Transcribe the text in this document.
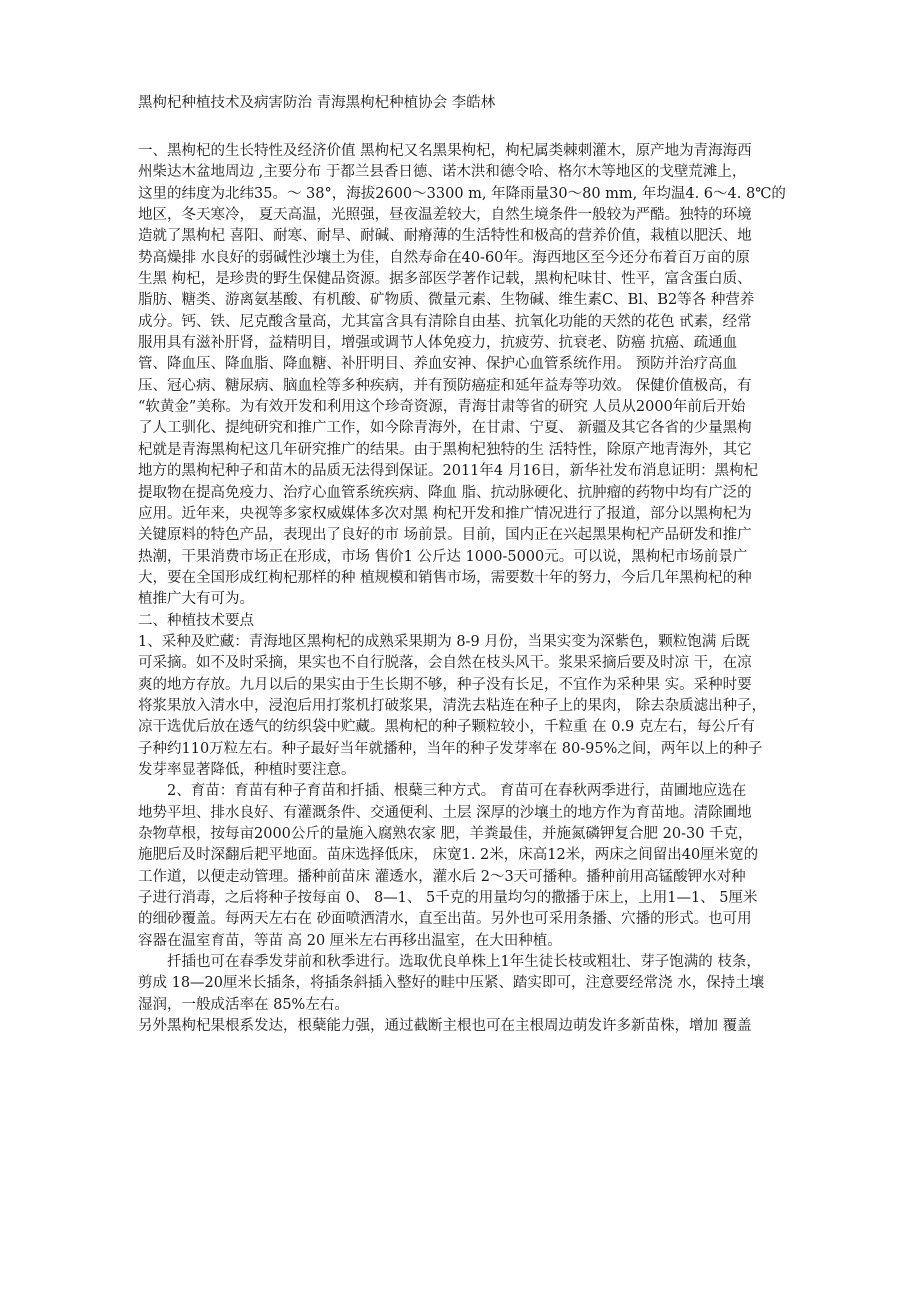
黑枸杞种植技术及病害防治 青海黑枸杞种植协会 李皓林
一、黑枸杞的生长特性及经济价值 黑枸杞又名黑果枸杞，枸杞属类棘刺灌木，原产地为青海海西
州柴达木盆地周边 ,主要分布 于都兰县香日德、诺木洪和德令哈、格尔木等地区的戈壁荒滩上，
这里的纬度为北纬35。～ 38°，海拔2600～3300 m, 年降雨量30～80 mm, 年均温4. 6～4. 8℃的
地区，冬天寒冷， 夏天高温，光照强，昼夜温差较大，自然生境条件一般较为严酷。独特的环境
造就了黑枸杞 喜阳、耐寒、耐旱、耐碱、耐瘠薄的生活特性和极高的营养价值，栽植以肥沃、地
势高燥排 水良好的弱碱性沙壤土为佳，自然寿命在40-60年。海西地区至今还分布着百万亩的原
生黑 枸杞，是珍贵的野生保健品资源。据多部医学著作记载，黑枸杞味甘、性平，富含蛋白质、
脂肪、糖类、游离氨基酸、有机酸、矿物质、微量元素、生物碱、维生素C、Bl、B2等各 种营养
成分。钙、铁、尼克酸含量高，尤其富含具有清除自由基、抗氧化功能的天然的花色 甙素，经常
服用具有滋补肝肾，益精明目，增强或调节人体免疫力，抗疲劳、抗衰老、防癌 抗癌、疏通血
管、降血压、降血脂、降血糖、补肝明目、养血安神、保护心血管系统作用。 预防并治疗高血
压、冠心病、糖尿病、脑血栓等多种疾病，并有预防癌症和延年益寿等功效。 保健价值极高，有
“软黄金”美称。为有效开发和利用这个珍奇资源，青海甘肃等省的研究 人员从2000年前后开始
了人工驯化、提纯研究和推广工作，如今除青海外，在甘肃、宁夏、 新疆及其它各省的少量黑枸
杞就是青海黑枸杞这几年研究推广的结果。由于黑枸杞独特的生 活特性，除原产地青海外，其它
地方的黑枸杞种子和苗木的品质无法得到保证。2011年4 月16日，新华社发布消息证明：黑枸杞
提取物在提高免疫力、治疗心血管系统疾病、降血 脂、抗动脉硬化、抗肿瘤的药物中均有广泛的
应用。近年来，央视等多家权威媒体多次对黑 枸杞开发和推广情况进行了报道，部分以黑枸杞为
关键原料的特色产品，表现出了良好的市 场前景。目前，国内正在兴起黑果枸杞产品研发和推广
热潮，干果消费市场正在形成，市场 售价1 公斤达 1000-5000元。可以说，黑枸杞市场前景广
大，要在全国形成红枸杞那样的种 植规模和销售市场，需要数十年的努力，今后几年黑枸杞的种
植推广大有可为。
二、种植技术要点
1、采种及贮藏：青海地区黑枸杞的成熟采果期为 8-9 月份，当果实变为深紫色，颗粒饱满 后既
可采摘。如不及时采摘，果实也不自行脱落，会自然在枝头风干。浆果采摘后要及时凉 干，在凉
爽的地方存放。九月以后的果实由于生长期不够，种子没有长足，不宜作为采种果 实。采种时要
将浆果放入清水中，浸泡后用打浆机打破浆果，清洗去粘连在种子上的果肉， 除去杂质滤出种子，
凉干选优后放在透气的纺织袋中贮藏。黑枸杞的种子颗粒较小，千粒重 在 0.9 克左右，每公斤有
子种约110万粒左右。种子最好当年就播种，当年的种子发芽率在 80-95%之间，两年以上的种子
发芽率显著降低，种植时要注意。
2、育苗：育苗有种子育苗和扦插、根蘖三种方式。 育苗可在春秋两季进行，苗圃地应选在
地势平坦、排水良好、有灌溉条件、交通便利、土层 深厚的沙壤土的地方作为育苗地。清除圃地
杂物草根，按每亩2000公斤的量施入腐熟农家 肥，羊粪最佳，并施氮磷钾复合肥 20-30 千克，
施肥后及时深翻后耙平地面。苗床选择低床， 床宽1. 2米，床高12米，两床之间留出40厘米宽的
工作道，以便走动管理。播种前苗床 灌透水，灌水后 2～3天可播种。播种前用高锰酸钾水对种
子进行消毒，之后将种子按每亩 0、 8—1、 5千克的用量均匀的撒播于床上，上用1—1、 5厘米
的细砂覆盖。每两天左右在 砂面喷洒清水，直至出苗。另外也可采用条播、穴播的形式。也可用
容器在温室育苗，等苗 高 20 厘米左右再移出温室，在大田种植。
扦插也可在春季发芽前和秋季进行。选取优良单株上1年生徒长枝或粗壮、芽子饱满的 枝条，
剪成 18—20厘米长插条，将插条斜插入整好的畦中压紧、踏实即可，注意要经常浇 水，保持土壤
湿润，一般成活率在 85%左右。
另外黑枸杞果根系发达，根蘖能力强，通过截断主根也可在主根周边萌发许多新苗株，增加 覆盖
